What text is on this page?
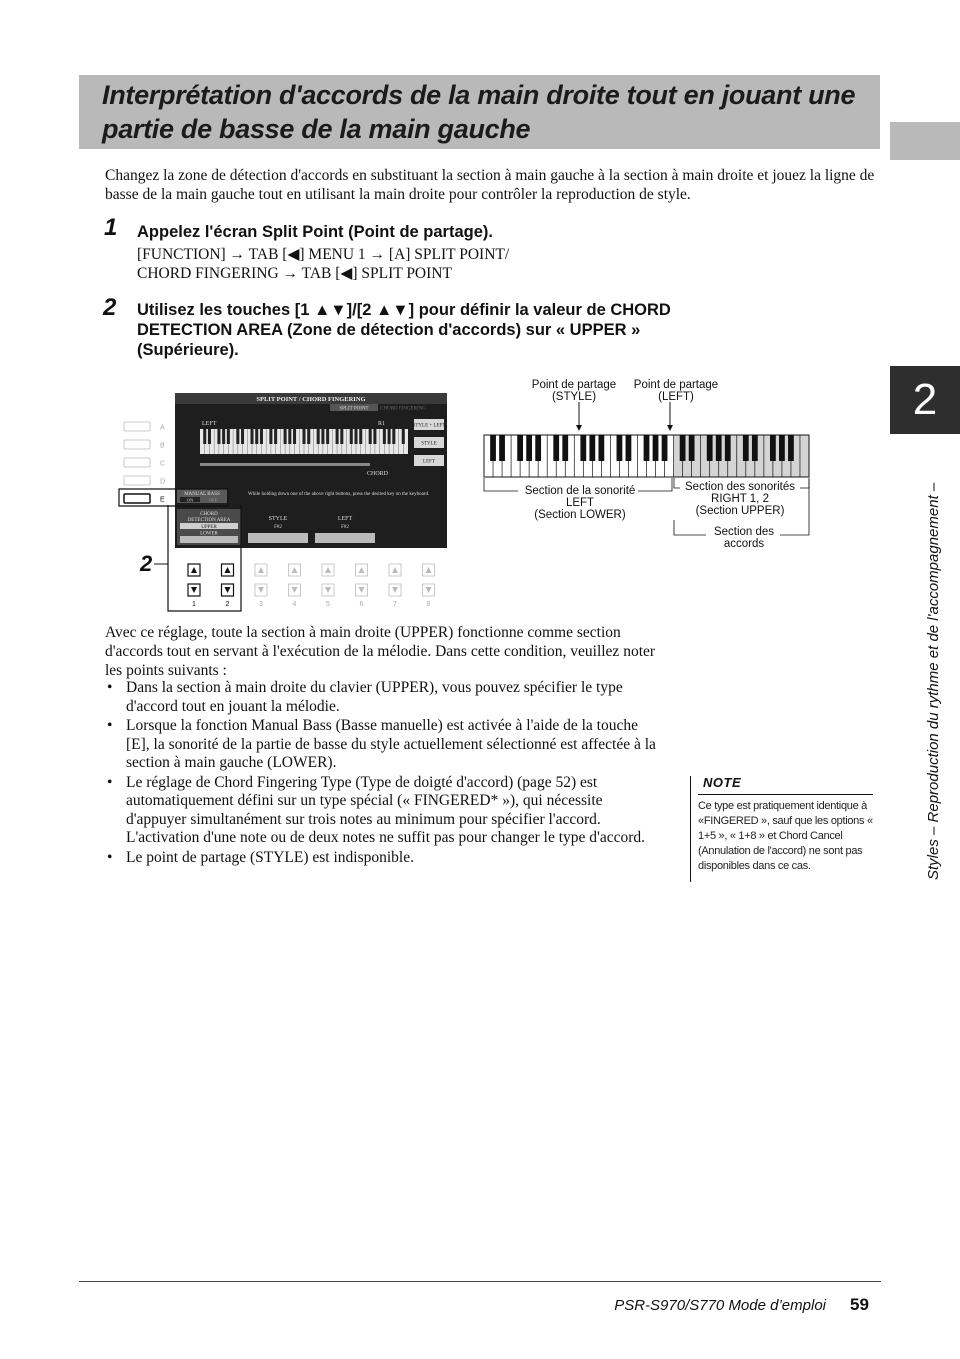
Interprétation d'accords de la main droite tout en jouant une
partie de basse de la main gauche
2
Styles – Reproduction du rythme et de l'accompagnement –
Changez la zone de détection d'accords en substituant la section à main gauche à la section à main droite et jouez la ligne de basse de la main gauche tout en utilisant la main droite pour contrôler la reproduction de style.
1 Appelez l'écran Split Point (Point de partage).
[FUNCTION] → TAB [◀] MENU 1 → [A] SPLIT POINT/
CHORD FINGERING → TAB [◀] SPLIT POINT
2 Utilisez les touches [1 ▲▼]/[2 ▲▼] pour définir la valeur de CHORD DETECTION AREA (Zone de détection d'accords) sur « UPPER » (Supérieure).
SPLIT POINT / CHORD FINGERING
SPLIT POINT CHORD FINGERING
LEFT	R1
CHORD
STYLE + LEFT
STYLE
LEFT
MANUAL BASS
ON	OFF
While holding down one of the above right buttons, press the desired key on the keyboard.
CHORD
DETECTION AREA
UPPER
LOWER
STYLE
F#2
LEFT
F#2
A
B
C
D
E
1	2	3	4	5	6	7	8
2
Point de partage
(STYLE)
Point de partage
(LEFT)
Section de la sonorité
LEFT
(Section LOWER)
Section des sonorités
RIGHT 1, 2
(Section UPPER)
Section des
accords
Avec ce réglage, toute la section à main droite (UPPER) fonctionne comme section d'accords tout en servant à l'exécution de la mélodie. Dans cette condition, veuillez noter les points suivants :
• Dans la section à main droite du clavier (UPPER), vous pouvez spécifier le type d'accord tout en jouant la mélodie.
• Lorsque la fonction Manual Bass (Basse manuelle) est activée à l'aide de la touche [E], la sonorité de la partie de basse du style actuellement sélectionné est affectée à la section à main gauche (LOWER).
• Le réglage de Chord Fingering Type (Type de doigté d'accord) (page 52) est automatiquement défini sur un type spécial (« FINGERED* »), qui nécessite d'appuyer simultanément sur trois notes au minimum pour spécifier l'accord. L'activation d'une note ou de deux notes ne suffit pas pour changer le type d'accord.
• Le point de partage (STYLE) est indisponible.
NOTE
Ce type est pratiquement identique à «FINGERED », sauf que les options « 1+5 », « 1+8 » et Chord Cancel (Annulation de l'accord) ne sont pas disponibles dans ce cas.
PSR-S970/S770 Mode d’emploi 59
